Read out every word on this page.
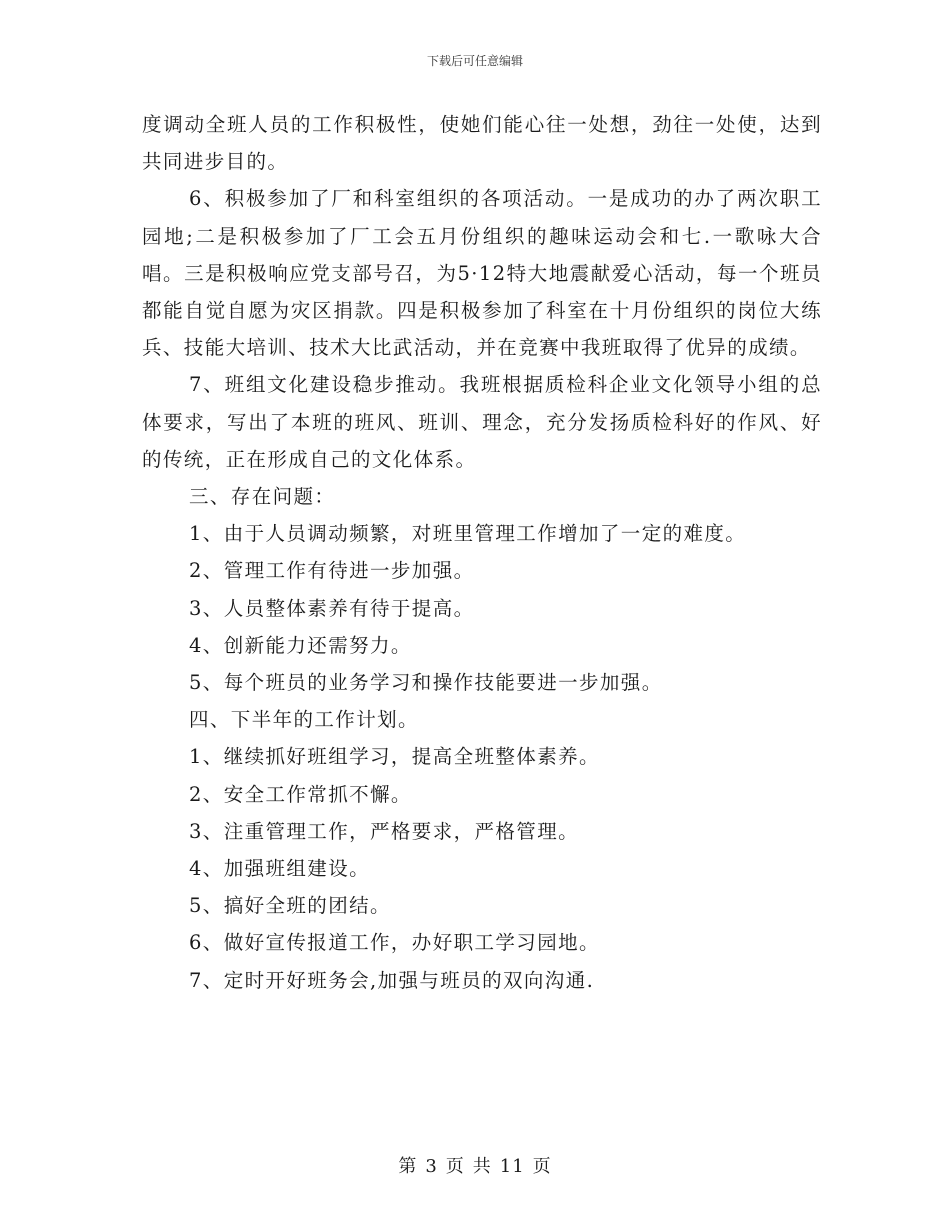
下载后可任意编辑

度调动全班人员的工作积极性，使她们能心往一处想，劲往一处使，达到共同进步目的。

6、积极参加了厂和科室组织的各项活动。一是成功的办了两次职工园地;二是积极参加了厂工会五月份组织的趣味运动会和七.一歌咏大合唱。三是积极响应党支部号召，为5·12特大地震献爱心活动，每一个班员都能自觉自愿为灾区捐款。四是积极参加了科室在十月份组织的岗位大练兵、技能大培训、技术大比武活动，并在竞赛中我班取得了优异的成绩。

7、班组文化建设稳步推动。我班根据质检科企业文化领导小组的总体要求，写出了本班的班风、班训、理念，充分发扬质检科好的作风、好的传统，正在形成自己的文化体系。

三、存在问题：

1、由于人员调动频繁，对班里管理工作增加了一定的难度。

2、管理工作有待进一步加强。

3、人员整体素养有待于提高。

4、创新能力还需努力。

5、每个班员的业务学习和操作技能要进一步加强。

四、下半年的工作计划。

1、继续抓好班组学习，提高全班整体素养。

2、安全工作常抓不懈。

3、注重管理工作，严格要求，严格管理。

4、加强班组建设。

5、搞好全班的团结。

6、做好宣传报道工作，办好职工学习园地。

7、定时开好班务会,加强与班员的双向沟通.

第 3 页 共 11 页
